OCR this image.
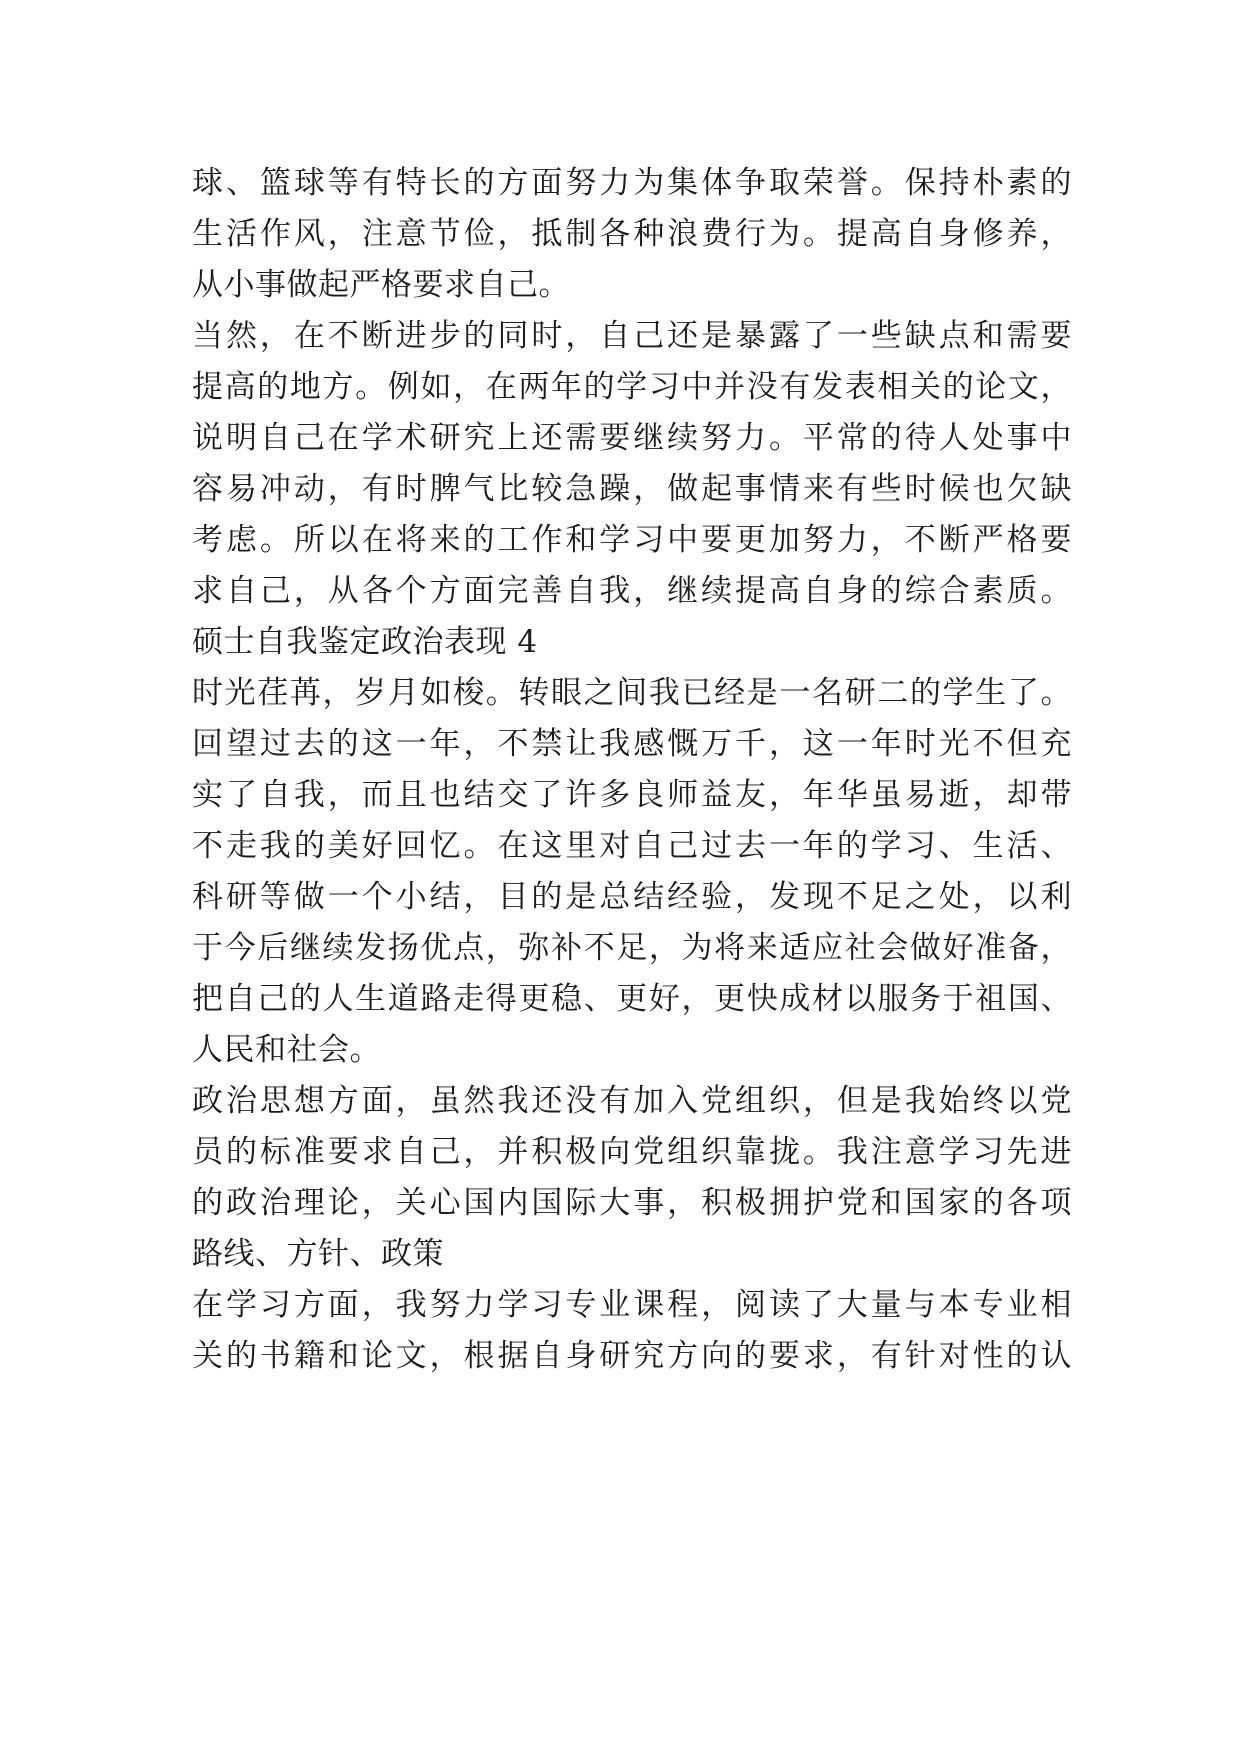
球、篮球等有特长的方面努力为集体争取荣誉。保持朴素的
生活作风，注意节俭，抵制各种浪费行为。提高自身修养，
从小事做起严格要求自己。
当然，在不断进步的同时，自己还是暴露了一些缺点和需要
提高的地方。例如，在两年的学习中并没有发表相关的论文，
说明自己在学术研究上还需要继续努力。平常的待人处事中
容易冲动，有时脾气比较急躁，做起事情来有些时候也欠缺
考虑。所以在将来的工作和学习中要更加努力，不断严格要
求自己，从各个方面完善自我，继续提高自身的综合素质。
硕士自我鉴定政治表现 4
时光荏苒，岁月如梭。转眼之间我已经是一名研二的学生了。
回望过去的这一年，不禁让我感慨万千，这一年时光不但充
实了自我，而且也结交了许多良师益友，年华虽易逝，却带
不走我的美好回忆。在这里对自己过去一年的学习、生活、
科研等做一个小结，目的是总结经验，发现不足之处，以利
于今后继续发扬优点，弥补不足，为将来适应社会做好准备，
把自己的人生道路走得更稳、更好，更快成材以服务于祖国、
人民和社会。
政治思想方面，虽然我还没有加入党组织，但是我始终以党
员的标准要求自己，并积极向党组织靠拢。我注意学习先进
的政治理论，关心国内国际大事，积极拥护党和国家的各项
路线、方针、政策
在学习方面，我努力学习专业课程，阅读了大量与本专业相
关的书籍和论文，根据自身研究方向的要求，有针对性的认
